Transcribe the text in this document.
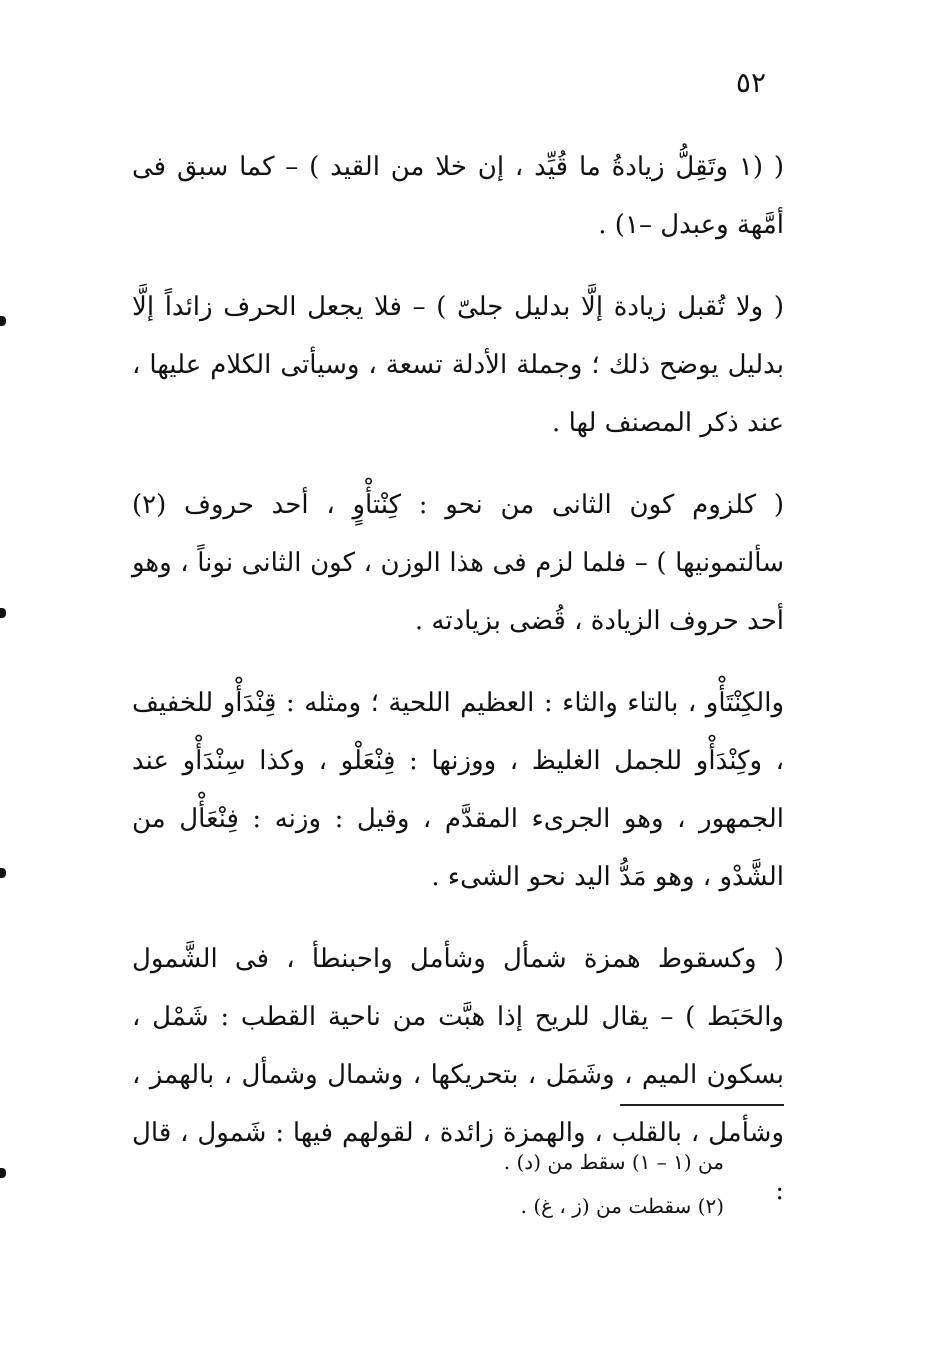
٥٢

( (١ وتَقِلُّ زيادةُ ما قُيِّد ، إن خلا من القيد ) – كما سبق فى أمَّهة وعبدل –١) .

( ولا تُقبل زيادة إلَّا بدليل جلىّ ) – فلا يجعل الحرف زائداً إلَّا بدليل يوضح ذلك ؛ وجملة الأدلة تسعة ، وسيأتى الكلام عليها ، عند ذكر المصنف لها .

( كلزوم كون الثانى من نحو : كِنْتأْوٍ ، أحد حروف (٢) سألتمونيها ) – فلما لزم فى هذا الوزن ، كون الثانى نوناً ، وهو أحد حروف الزيادة ، قُضى بزيادته .

والكِنْتَأْو ، بالتاء والثاء : العظيم اللحية ؛ ومثله : قِنْدَأْو للخفيف ، وكِنْدَأْو للجمل الغليظ ، ووزنها : فِنْعَلْو ، وكذا سِنْدَأْو عند الجمهور ، وهو الجرىء المقدَّم ، وقيل : وزنه : فِنْعَأْل من الشَّدْو ، وهو مَدُّ اليد نحو الشىء .

( وكسقوط همزة شمأل وشأمل واحبنطأ ، فى الشَّمول والحَبَط ) – يقال للريح إذا هبَّت من ناحية القطب : شَمْل ، بسكون الميم ، وشَمَل ، بتحريكها ، وشمال وشمأل ، بالهمز ، وشأمل ، بالقلب ، والهمزة زائدة ، لقولهم فيها : شَمول ، قال :

من (١ – ١) سقط من (د) .

(٢) سقطت من (ز ، غ) .
